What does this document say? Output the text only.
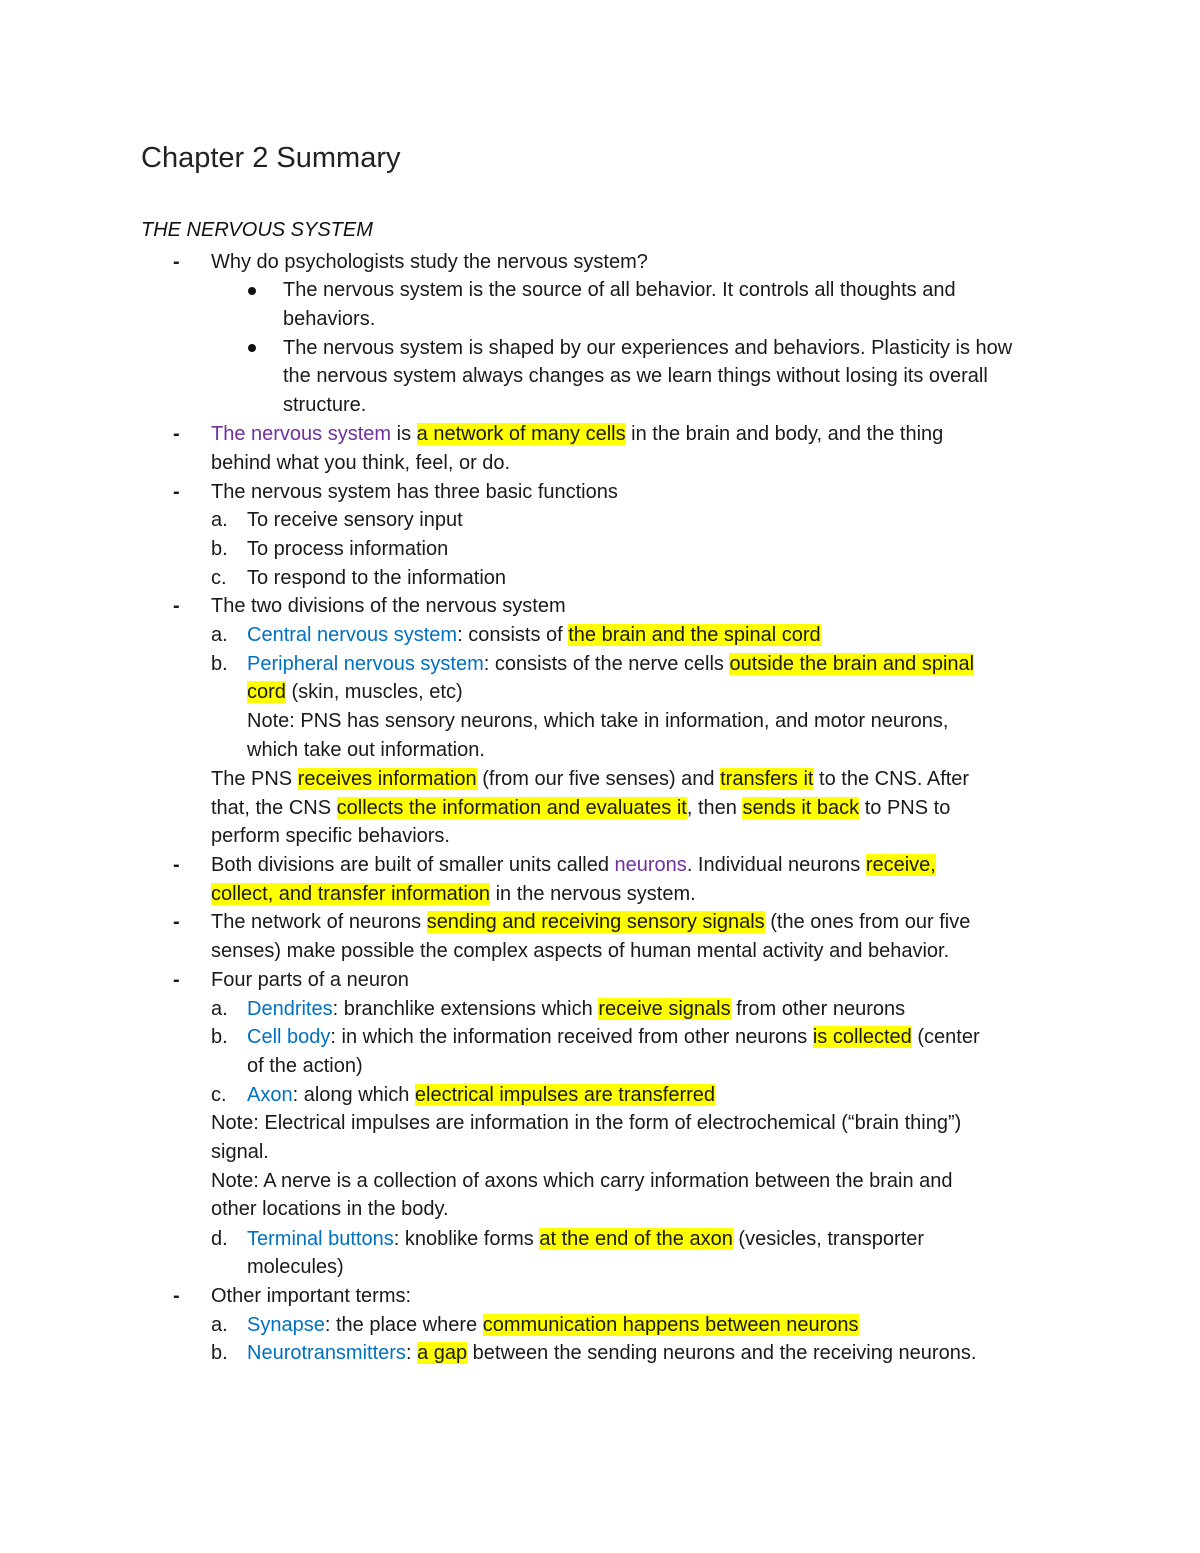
Chapter 2 Summary
THE NERVOUS SYSTEM
- Why do psychologists study the nervous system?
The nervous system is the source of all behavior. It controls all thoughts and
behaviors.
The nervous system is shaped by our experiences and behaviors. Plasticity is how
the nervous system always changes as we learn things without losing its overall
structure.
- The nervous system is a network of many cells in the brain and body, and the thing
behind what you think, feel, or do.
- The nervous system has three basic functions
a. To receive sensory input
b. To process information
c. To respond to the information
- The two divisions of the nervous system
a. Central nervous system: consists of the brain and the spinal cord
b. Peripheral nervous system: consists of the nerve cells outside the brain and spinal
cord (skin, muscles, etc)
Note: PNS has sensory neurons, which take in information, and motor neurons,
which take out information.
The PNS receives information (from our five senses) and transfers it to the CNS. After
that, the CNS collects the information and evaluates it, then sends it back to PNS to
perform specific behaviors.
- Both divisions are built of smaller units called neurons. Individual neurons receive,
collect, and transfer information in the nervous system.
- The network of neurons sending and receiving sensory signals (the ones from our five
senses) make possible the complex aspects of human mental activity and behavior.
- Four parts of a neuron
a. Dendrites: branchlike extensions which receive signals from other neurons
b. Cell body: in which the information received from other neurons is collected (center
of the action)
c. Axon: along which electrical impulses are transferred
Note: Electrical impulses are information in the form of electrochemical (“brain thing”)
signal.
Note: A nerve is a collection of axons which carry information between the brain and
other locations in the body.
d. Terminal buttons: knoblike forms at the end of the axon (vesicles, transporter
molecules)
- Other important terms:
a. Synapse: the place where communication happens between neurons
b. Neurotransmitters: a gap between the sending neurons and the receiving neurons.
